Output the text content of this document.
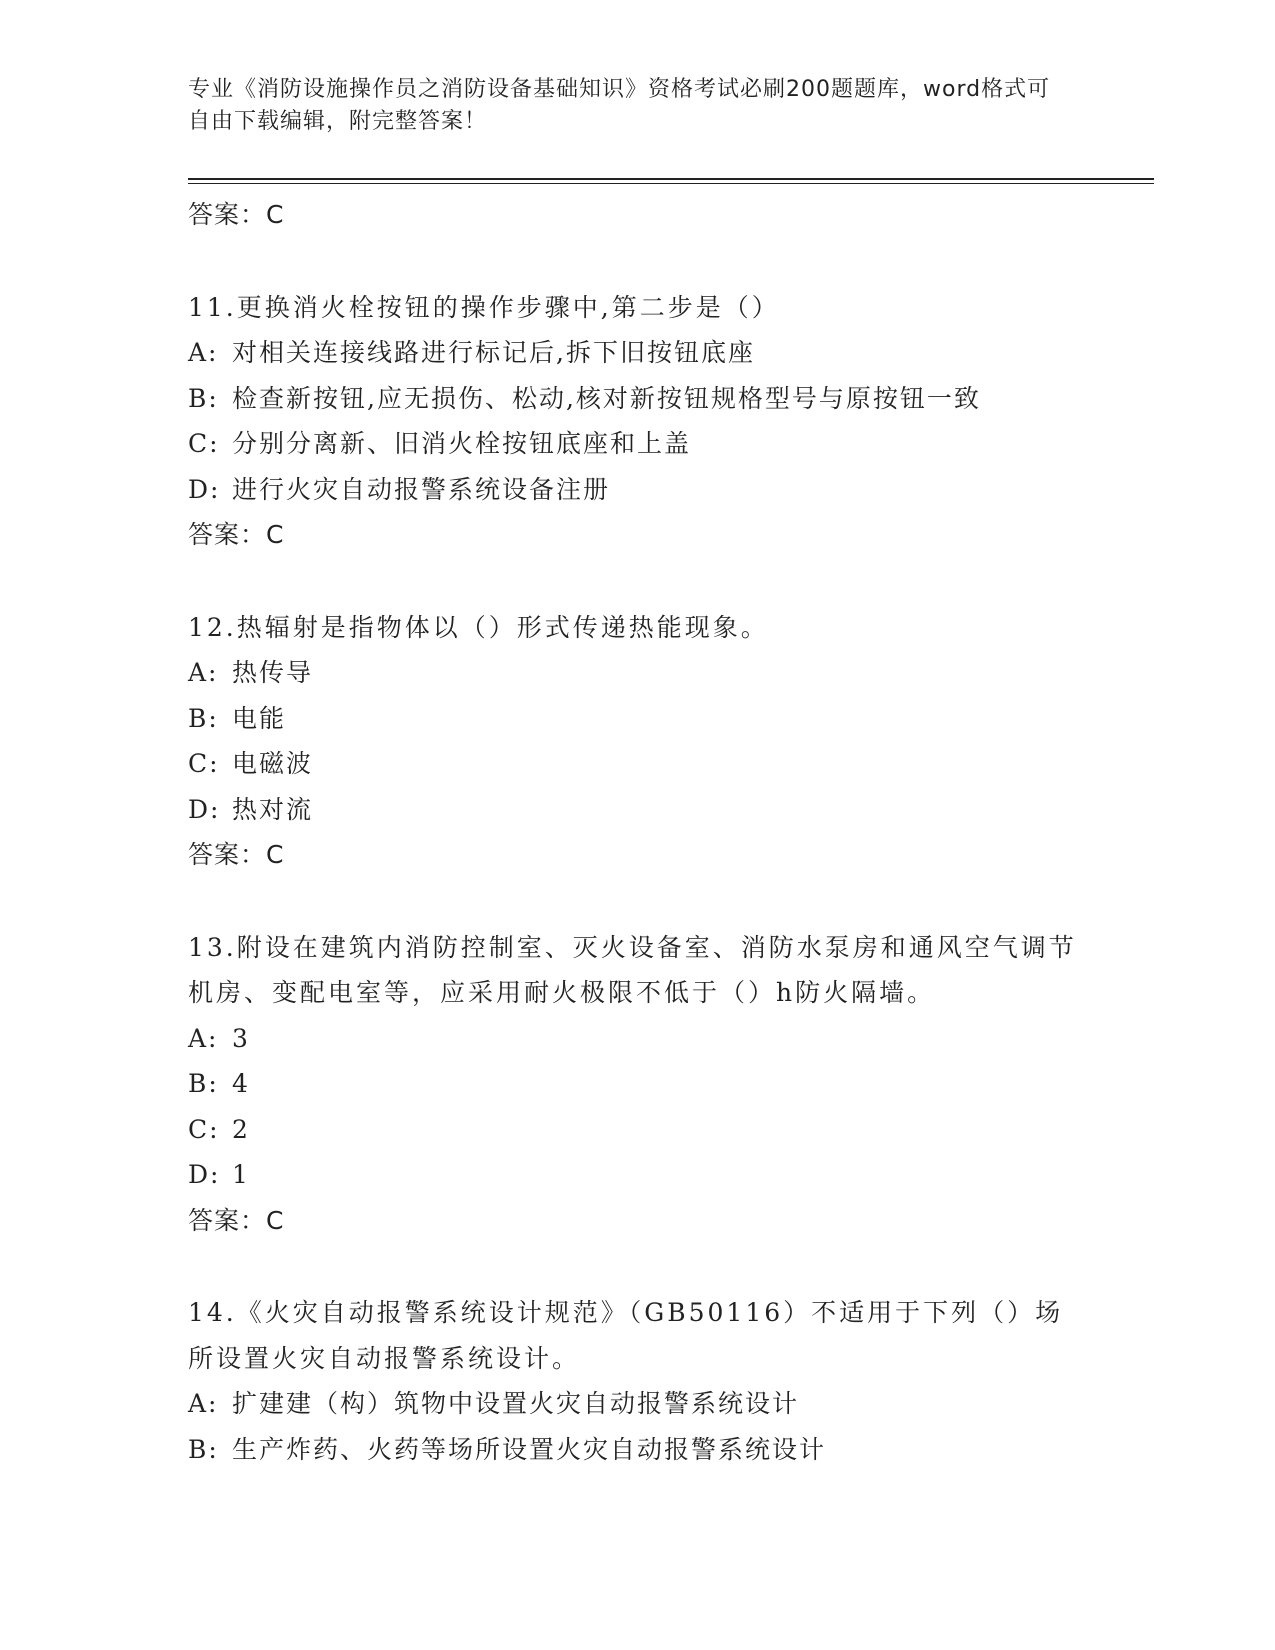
专业《消防设施操作员之消防设备基础知识》资格考试必刷200题题库，word格式可自由下载编辑，附完整答案！
答案：C
11.更换消火栓按钮的操作步骤中,第二步是（）
A: 对相关连接线路进行标记后,拆下旧按钮底座
B: 检查新按钮,应无损伤、松动,核对新按钮规格型号与原按钮一致
C: 分别分离新、旧消火栓按钮底座和上盖
D: 进行火灾自动报警系统设备注册
答案：C
12.热辐射是指物体以（）形式传递热能现象。
A: 热传导
B: 电能
C: 电磁波
D: 热对流
答案：C
13.附设在建筑内消防控制室、灭火设备室、消防水泵房和通风空气调节机房、变配电室等，应采用耐火极限不低于（）h防火隔墙。
A: 3
B: 4
C: 2
D: 1
答案：C
14.《火灾自动报警系统设计规范》（GB50116）不适用于下列（）场所设置火灾自动报警系统设计。
A: 扩建建（构）筑物中设置火灾自动报警系统设计
B: 生产炸药、火药等场所设置火灾自动报警系统设计
